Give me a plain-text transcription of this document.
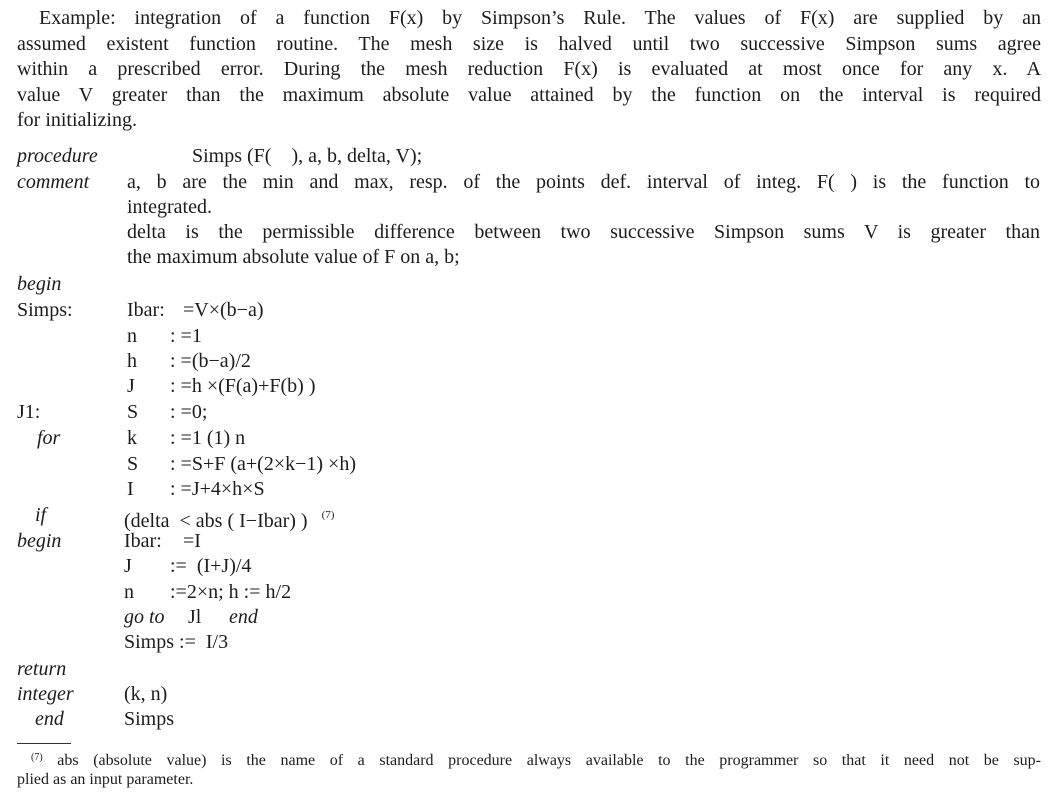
Example: integration of a function F(x) by Simpson’s Rule. The values of F(x) are supplied by an
assumed existent function routine. The mesh size is halved until two successive Simpson sums agree
within a prescribed error. During the mesh reduction F(x) is evaluated at most once for any x. A
value V greater than the maximum absolute value attained by the function on the interval is required
for initializing.
procedure	Simps (F(    ), a, b, delta, V);
comment a, b are the min and max, resp. of the points def. interval of integ. F( ) is the function to
integrated.
delta is the permissible difference between two successive Simpson sums V is greater than
the maximum absolute value of F on a, b;
begin
Simps:	Ibar: =V×(b−a)
n : =1
h : =(b−a)/2
J : =h ×(F(a)+F(b) )
J1:	S : =0;
for	k : =1 (1) n
S : =S+F (a+(2×k−1) ×h)
I : =J+4×h×S
if	(delta  < abs ( I−Ibar) ) $^{(7)}$
begin	Ibar: =I
J :=  (I+J)/4
n :=2×n; h := h/2
go to Jl end
Simps :=  I/3
return
integer	(k, n)
end	Simps
$^{(7)}$ abs (absolute value) is the name of a standard procedure always available to the programmer so that it need not be sup-
plied as an input parameter.
